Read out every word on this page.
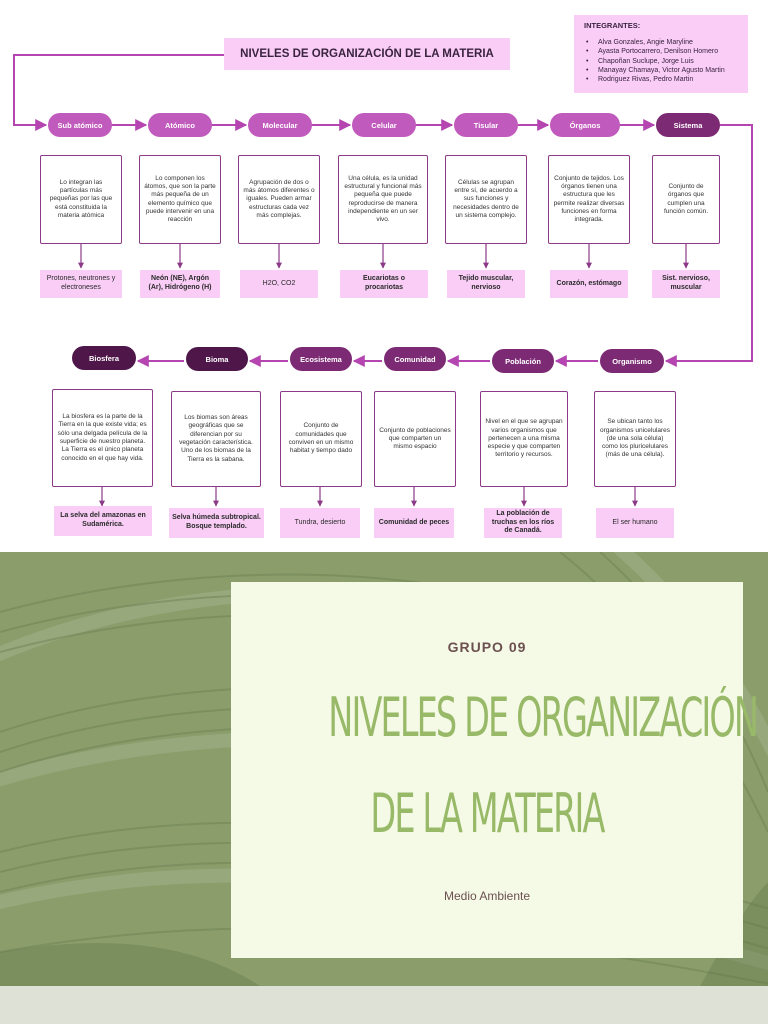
NIVELES DE ORGANIZACIÓN DE LA MATERIA
INTEGRANTES:
• Alva Gonzales, Angie Maryline
• Ayasta Portocarrero, Denilson Homero
• Chapoñan Suclupe, Jorge Luis
• Manayay Chamaya, Victor Agusto Martin
• Rodriguez Rivas, Pedro Martin
Sub atómico	Atómico	Molecular	Celular	Tisular	Órganos	Sistema
Lo integran las partículas más pequeñas por las que está constituida la materia atómica
Lo componen los átomos, que son la parte más pequeña de un elemento químico que puede intervenir en una reacción
Agrupación de dos o más átomos diferentes o iguales. Pueden armar estructuras cada vez más complejas.
Una célula, es la unidad estructural y funcional más pequeña que puede reproducirse de manera independiente en un ser vivo.
Células se agrupan entre sí, de acuerdo a sus funciones y necesidades dentro de un sistema complejo.
Conjunto de tejidos. Los órganos tienen una estructura que les permite realizar diversas funciones en forma integrada.
Conjunto de órganos que cumplen una función común.
Protones, neutrones y electroneses
Neón (NE), Argón (Ar), Hidrógeno (H)
H2O, CO2
Eucariotas o procariotas
Tejido muscular, nervioso
Corazón, estómago
Sist. nervioso, muscular
Organismo
Población
Comunidad
Ecosistema
Bioma
Biosfera
Se ubican tanto los organismos unicelulares (de una sola célula) como los pluricelulares (más de una célula).
Nivel en el que se agrupan varios organismos que pertenecen a una misma especie y que comparten territorio y recursos.
Conjunto de poblaciones que comparten un mismo espacio
Conjunto de comunidades que conviven en un mismo habitat y tiempo dado
Los biomas son áreas geográficas que se diferencian por su vegetación característica. Uno de los biomas de la Tierra es la sabana.
La biosfera es la parte de la Tierra en la que existe vida; es sólo una delgada película de la superficie de nuestro planeta. La Tierra es el único planeta conocido en el que hay vida.
El ser humano
La población de truchas en los ríos de Canadá.
Comunidad de peces
Tundra, desierto
Selva húmeda subtropical. Bosque templado.
La selva del amazonas en Sudamérica.
GRUPO 09
NIVELES DE ORGANIZACIÓN
DE LA MATERIA
Medio Ambiente
